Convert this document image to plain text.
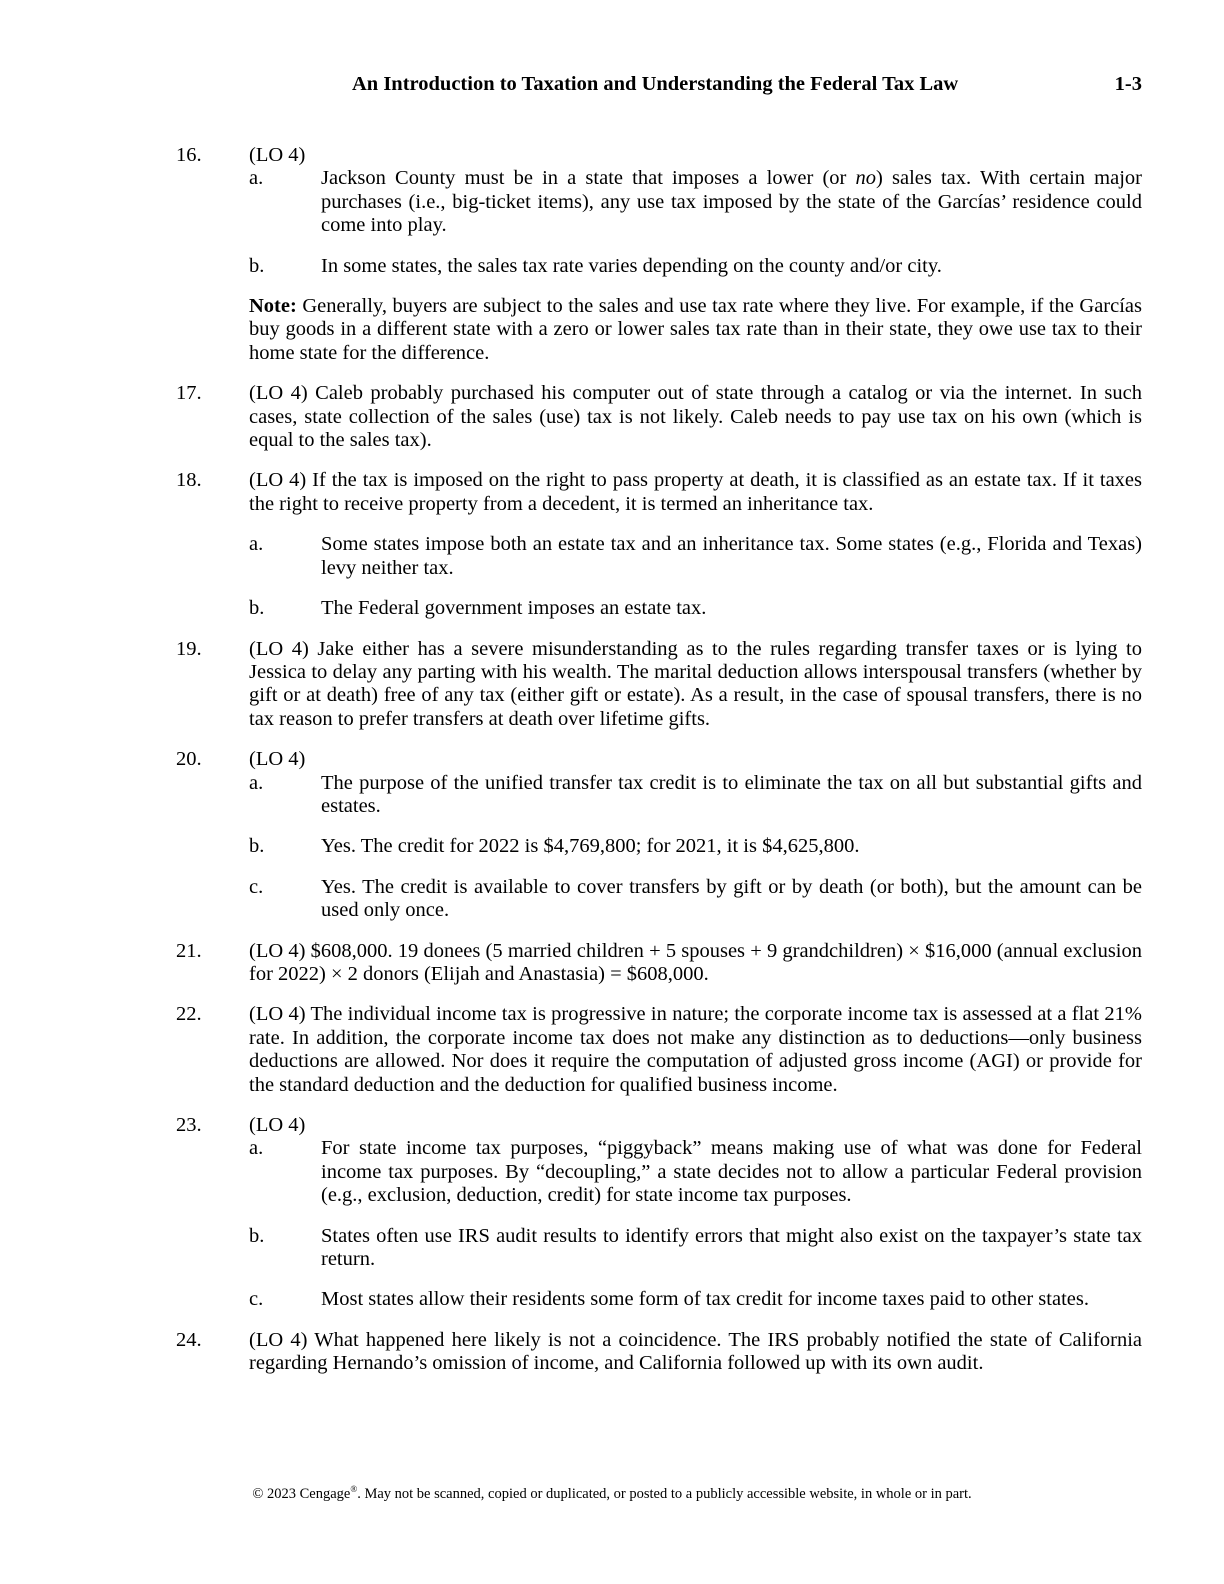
An Introduction to Taxation and Understanding the Federal Tax Law	1-3
16. (LO 4)
a.	Jackson County must be in a state that imposes a lower (or no) sales tax. With certain major purchases (i.e., big-ticket items), any use tax imposed by the state of the Garcías’ residence could come into play.
b.	In some states, the sales tax rate varies depending on the county and/or city.
Note: Generally, buyers are subject to the sales and use tax rate where they live. For example, if the Garcías buy goods in a different state with a zero or lower sales tax rate than in their state, they owe use tax to their home state for the difference.
17. (LO 4) Caleb probably purchased his computer out of state through a catalog or via the internet. In such cases, state collection of the sales (use) tax is not likely. Caleb needs to pay use tax on his own (which is equal to the sales tax).
18. (LO 4) If the tax is imposed on the right to pass property at death, it is classified as an estate tax. If it taxes the right to receive property from a decedent, it is termed an inheritance tax.
a.	Some states impose both an estate tax and an inheritance tax. Some states (e.g., Florida and Texas) levy neither tax.
b.	The Federal government imposes an estate tax.
19. (LO 4) Jake either has a severe misunderstanding as to the rules regarding transfer taxes or is lying to Jessica to delay any parting with his wealth. The marital deduction allows interspousal transfers (whether by gift or at death) free of any tax (either gift or estate). As a result, in the case of spousal transfers, there is no tax reason to prefer transfers at death over lifetime gifts.
20. (LO 4)
a.	The purpose of the unified transfer tax credit is to eliminate the tax on all but substantial gifts and estates.
b.	Yes. The credit for 2022 is $4,769,800; for 2021, it is $4,625,800.
c.	Yes. The credit is available to cover transfers by gift or by death (or both), but the amount can be used only once.
21. (LO 4) $608,000. 19 donees (5 married children + 5 spouses + 9 grandchildren) × $16,000 (annual exclusion for 2022) × 2 donors (Elijah and Anastasia) = $608,000.
22. (LO 4) The individual income tax is progressive in nature; the corporate income tax is assessed at a flat 21% rate. In addition, the corporate income tax does not make any distinction as to deductions—only business deductions are allowed. Nor does it require the computation of adjusted gross income (AGI) or provide for the standard deduction and the deduction for qualified business income.
23. (LO 4)
a.	For state income tax purposes, “piggyback” means making use of what was done for Federal income tax purposes. By “decoupling,” a state decides not to allow a particular Federal provision (e.g., exclusion, deduction, credit) for state income tax purposes.
b.	States often use IRS audit results to identify errors that might also exist on the taxpayer’s state tax return.
c.	Most states allow their residents some form of tax credit for income taxes paid to other states.
24. (LO 4) What happened here likely is not a coincidence. The IRS probably notified the state of California regarding Hernando’s omission of income, and California followed up with its own audit.
© 2023 Cengage®. May not be scanned, copied or duplicated, or posted to a publicly accessible website, in whole or in part.
